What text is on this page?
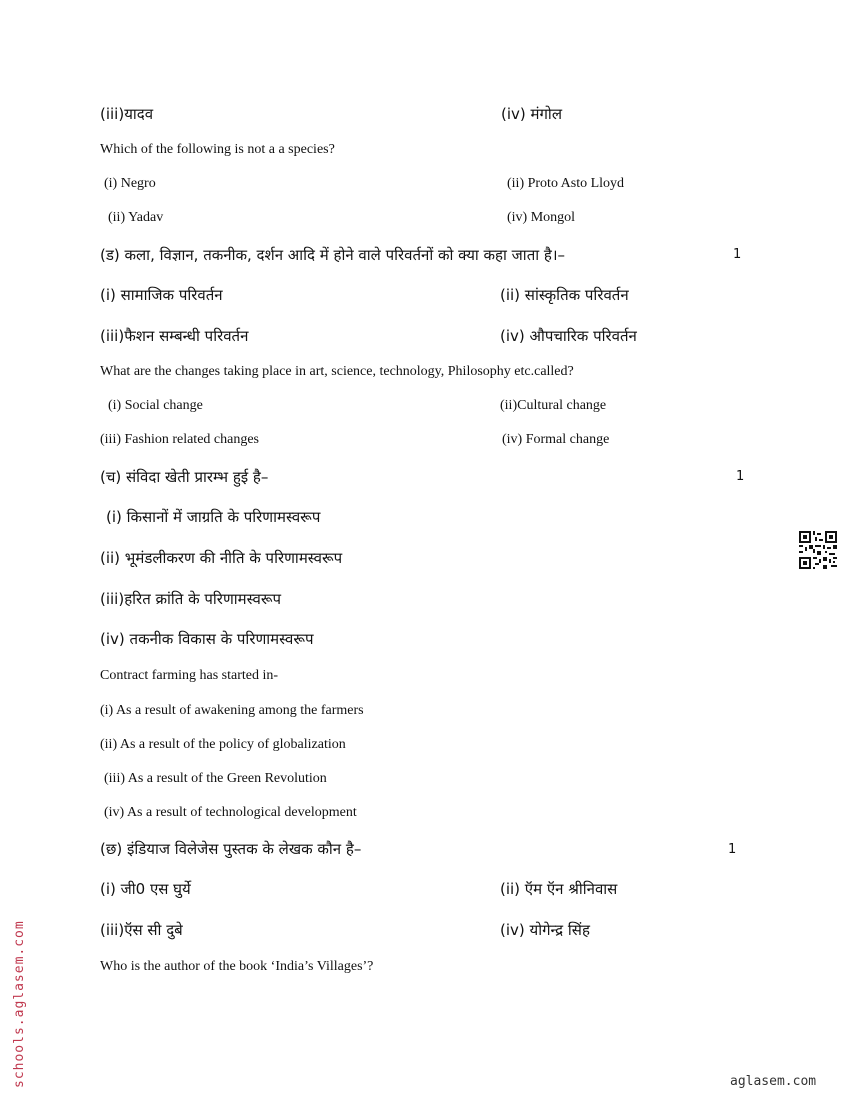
(iii)यादव	(iv) मंगोल
Which of the following is not a a species?
(i) Negro	(ii) Proto Asto Lloyd
(ii) Yadav	(iv) Mongol
(ड) कला, विज्ञान, तकनीक, दर्शन आदि में होने वाले परिवर्तनों को क्या कहा जाता है।–	1
(i) सामाजिक परिवर्तन	(ii) सांस्कृतिक परिवर्तन
(iii)फैशन सम्बन्धी परिवर्तन	(iv) औपचारिक परिवर्तन
What are the changes taking place in art, science, technology, Philosophy etc.called?
(i) Social change	(ii)Cultural change
(iii) Fashion related changes	(iv) Formal change
(च) संविदा खेती प्रारम्भ हुई है–	1
(i) किसानों में जाग्रति के परिणामस्वरूप
(ii) भूमंडलीकरण की नीति के परिणामस्वरूप
(iii)हरित क्रांति के परिणामस्वरूप
(iv) तकनीक विकास के परिणामस्वरूप
Contract farming has started in-
(i) As a result of awakening among the farmers
(ii) As a result of the policy of globalization
(iii) As a result of the Green Revolution
(iv) As a result of technological development
(छ) इंडियाज विलेजेस पुस्तक के लेखक कौन है–	1
(i) जी0 एस घुर्ये	(ii) ऍम ऍन श्रीनिवास
(iii)ऍस सी दुबे	(iv) योगेन्द्र सिंह
Who is the author of the book ‘India’s Villages’?
schools.aglasem.com	aglasem.com
